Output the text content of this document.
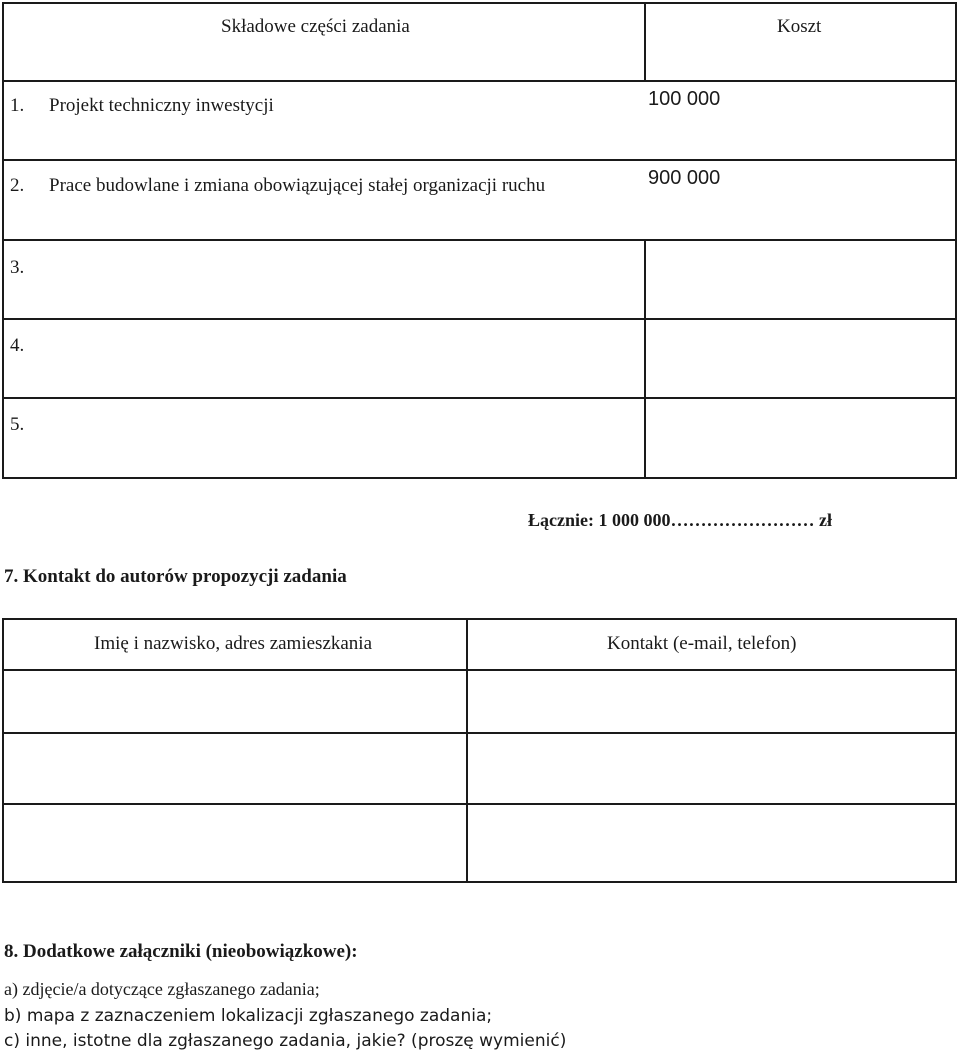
Składowe części zadania	Koszt
1. Projekt techniczny inwestycji	100 000
2. Prace budowlane i zmiana obowiązującej stałej organizacji ruchu	900 000
3.
4.
5.
Łącznie: 1 000 000…………………… zł
7. Kontakt do autorów propozycji zadania
Imię i nazwisko, adres zamieszkania	Kontakt (e-mail, telefon)
8. Dodatkowe załączniki (nieobowiązkowe):
a) zdjęcie/a dotyczące zgłaszanego zadania;
b) mapa z zaznaczeniem lokalizacji zgłaszanego zadania;
c) inne, istotne dla zgłaszanego zadania, jakie? (proszę wymienić)
